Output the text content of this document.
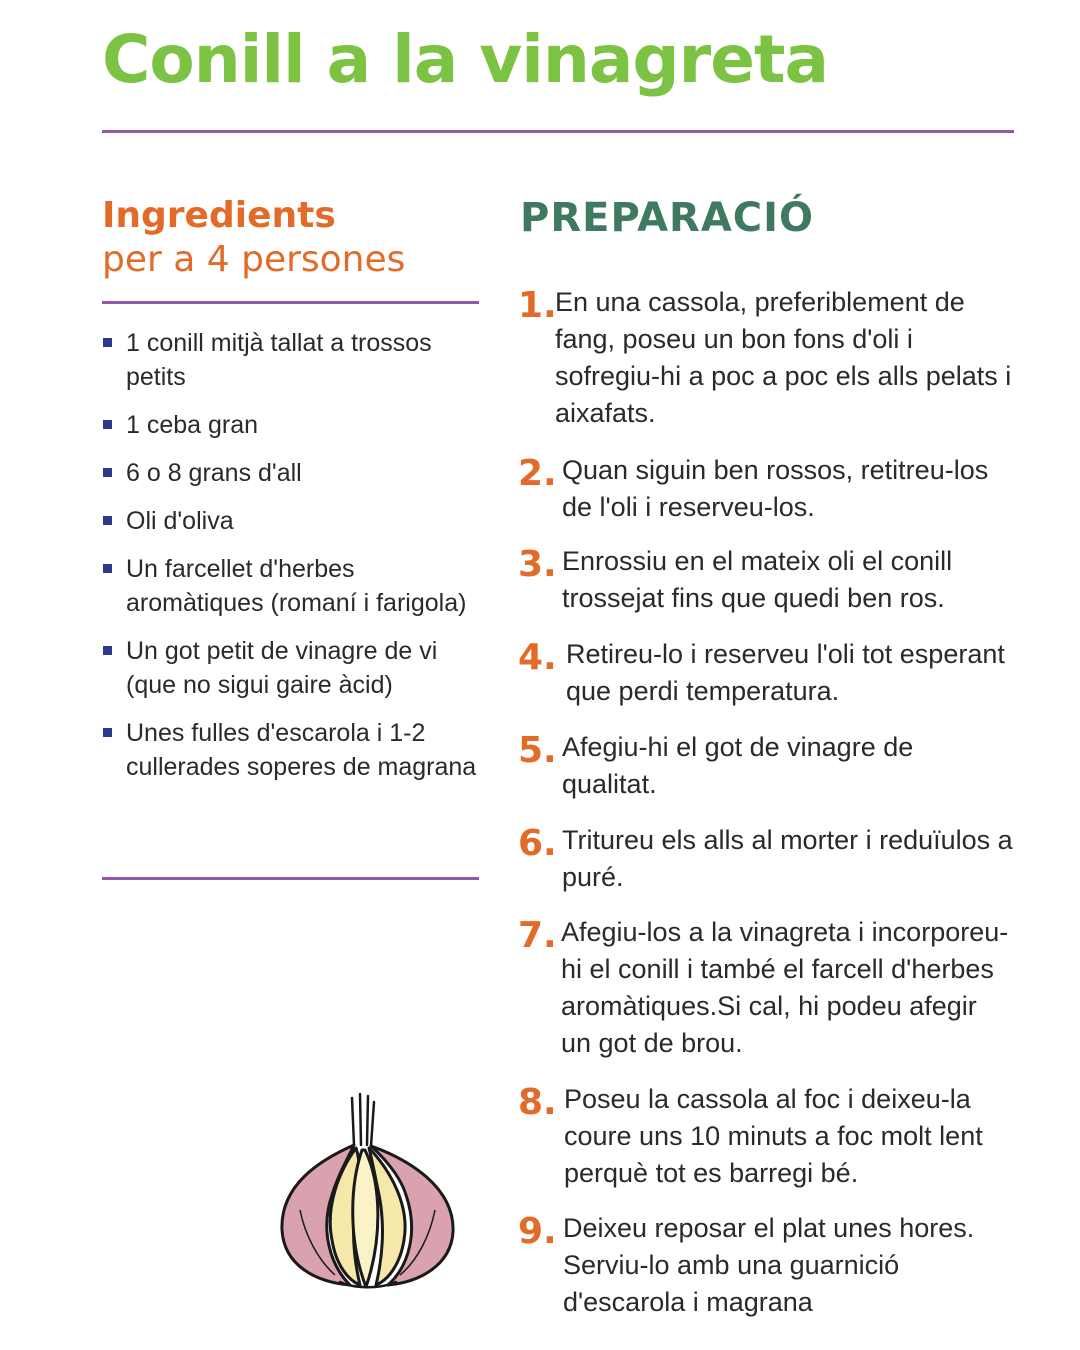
Conill a la vinagreta
Ingredients
per a 4 persones
1 conill mitjà tallat a trossos petits
1 ceba gran
6 o 8 grans d'all
Oli d'oliva
Un farcellet d'herbes aromàtiques (romaní i farigola)
Un got petit de vinagre de vi (que no sigui gaire àcid)
Unes fulles d'escarola i 1-2 cullerades soperes de magrana
PREPARACIÓ
1.
En una cassola, preferiblement de fang, poseu un bon fons d'oli i sofregiu-hi a poc a poc els alls pelats i aixafats.
2. Quan siguin ben rossos, retitreu-los de l'oli i reserveu-los.
3. Enrossiu en el mateix oli el conill trossejat fins que quedi ben ros.
4. Retireu-lo i reserveu l'oli tot esperant que perdi temperatura.
5. Afegiu-hi el got de vinagre de qualitat.
6. Tritureu els alls al morter i reduïulos a puré.
7. Afegiu-los a la vinagreta i incorporeu-hi el conill i també el farcell d'herbes aromàtiques.Si cal, hi podeu afegir un got de brou.
8. Poseu la cassola al foc i deixeu-la coure uns 10 minuts a foc molt lent perquè tot es barregi bé.
9. Deixeu reposar el plat unes hores. Serviu-lo amb una guarnició d'escarola i magrana
